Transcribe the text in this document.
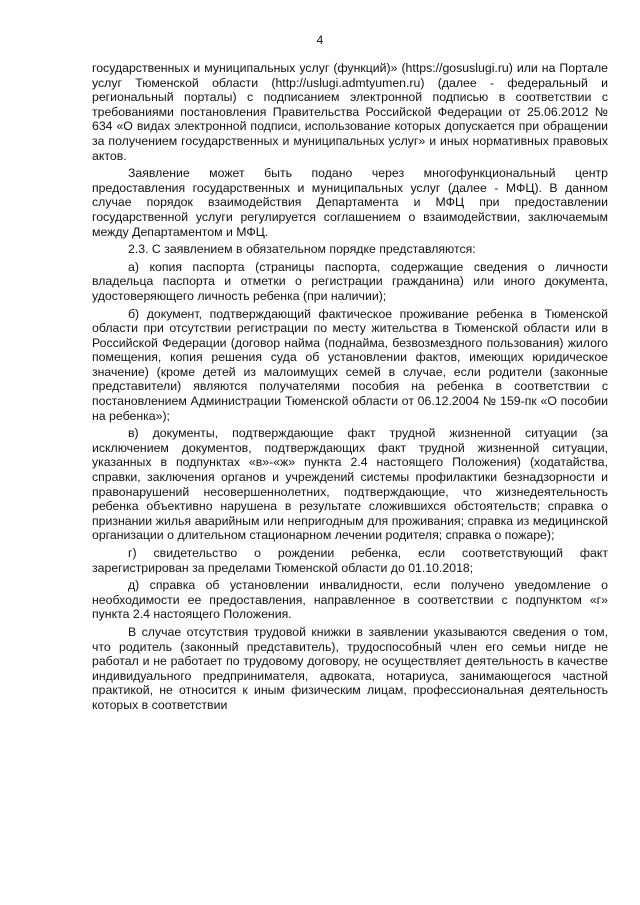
4

государственных и муниципальных услуг (функций)» (https://gosuslugi.ru) или на Портале услуг Тюменской области (http://uslugi.admtyumen.ru) (далее - федеральный и региональный порталы) с подписанием электронной подписью в соответствии с требованиями постановления Правительства Российской Федерации от 25.06.2012 № 634 «О видах электронной подписи, использование которых допускается при обращении за получением государственных и муниципальных услуг» и иных нормативных правовых актов.

Заявление может быть подано через многофункциональный центр предоставления государственных и муниципальных услуг (далее - МФЦ). В данном случае порядок взаимодействия Департамента и МФЦ при предоставлении государственной услуги регулируется соглашением о взаимодействии, заключаемым между Департаментом и МФЦ.

2.3. С заявлением в обязательном порядке представляются:

а) копия паспорта (страницы паспорта, содержащие сведения о личности владельца паспорта и отметки о регистрации гражданина) или иного документа, удостоверяющего личность ребенка (при наличии);

б) документ, подтверждающий фактическое проживание ребенка в Тюменской области при отсутствии регистрации по месту жительства в Тюменской области или в Российской Федерации (договор найма (поднайма, безвозмездного пользования) жилого помещения, копия решения суда об установлении фактов, имеющих юридическое значение) (кроме детей из малоимущих семей в случае, если родители (законные представители) являются получателями пособия на ребенка в соответствии с постановлением Администрации Тюменской области от 06.12.2004 № 159-пк «О пособии на ребенка»);

в) документы, подтверждающие факт трудной жизненной ситуации (за исключением документов, подтверждающих факт трудной жизненной ситуации, указанных в подпунктах «в»-«ж» пункта 2.4 настоящего Положения) (ходатайства, справки, заключения органов и учреждений системы профилактики безнадзорности и правонарушений несовершеннолетних, подтверждающие, что жизнедеятельность ребенка объективно нарушена в результате сложившихся обстоятельств; справка о признании жилья аварийным или непригодным для проживания; справка из медицинской организации о длительном стационарном лечении родителя; справка о пожаре);

г) свидетельство о рождении ребенка, если соответствующий факт зарегистрирован за пределами Тюменской области до 01.10.2018;

д) справка об установлении инвалидности, если получено уведомление о необходимости ее предоставления, направленное в соответствии с подпунктом «г» пункта 2.4 настоящего Положения.

В случае отсутствия трудовой книжки в заявлении указываются сведения о том, что родитель (законный представитель), трудоспособный член его семьи нигде не работал и не работает по трудовому договору, не осуществляет деятельность в качестве индивидуального предпринимателя, адвоката, нотариуса, занимающегося частной практикой, не относится к иным физическим лицам, профессиональная деятельность которых в соответствии
